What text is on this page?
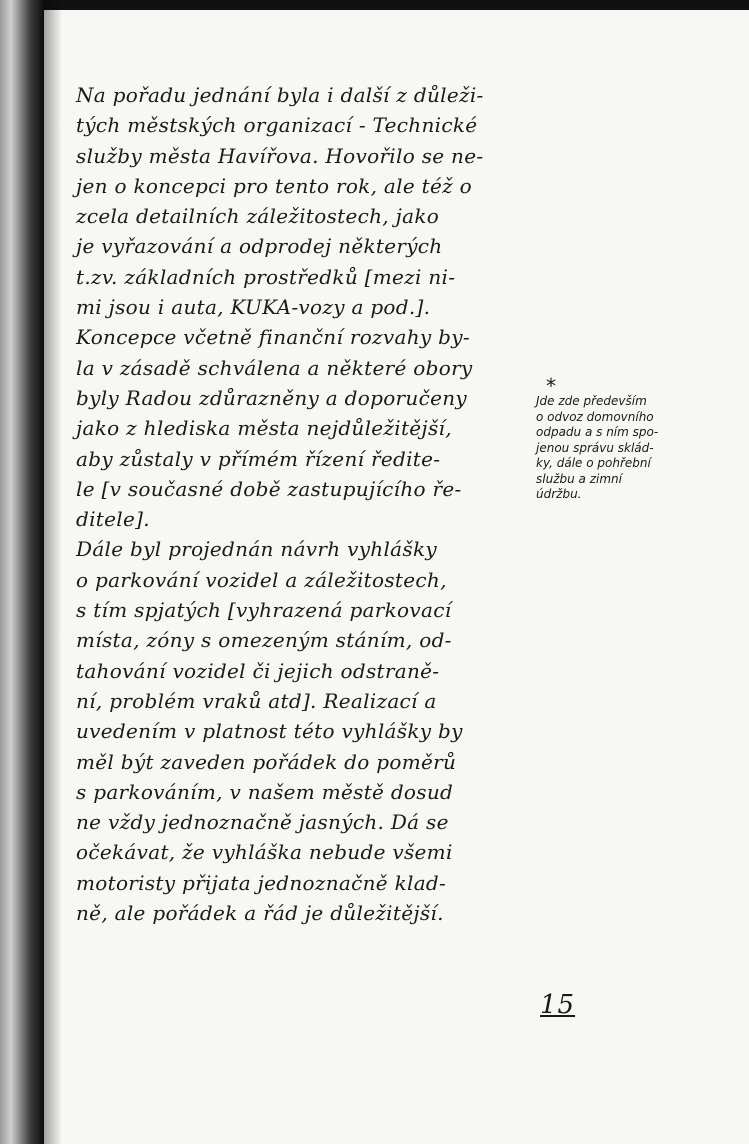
Na pořadu jednání byla i další z důleži-
tých městských organizací - Technické
služby města Havířova. Hovořilo se ne-
jen o koncepci pro tento rok, ale též o
zcela detailních záležitostech, jako
je vyřazování a odprodej některých
t.zv. základních prostředků [mezi ni-
mi jsou i auta, KUKA-vozy a pod.].
Koncepce včetně finanční rozvahy by-
la v zásadě schválena a některé obory
byly Radou zdůrazněny a doporučeny
jako z hlediska města nejdůležitější,
aby zůstaly v přímém řízení ředite-
le [v současné době zastupujícího ře-
ditele].
Dále byl projednán návrh vyhlášky
o parkování vozidel a záležitostech,
s tím spjatých [vyhrazená parkovací
místa, zóny s omezeným stáním, od-
tahování vozidel či jejich odstraně-
ní, problém vraků atd]. Realizací a
uvedením v platnost této vyhlášky by
měl být zaveden pořádek do poměrů
s parkováním, v našem městě dosud
ne vždy jednoznačně jasných. Dá se
očekávat, že vyhláška nebude všemi
motoristy přijata jednoznačně klad-
ně, ale pořádek a řád je důležitější.
*
Jde zde především
o odvoz domovního
odpadu a s ním spo-
jenou správu sklád-
ky, dále o pohřební
službu a zimní
údržbu.
15
